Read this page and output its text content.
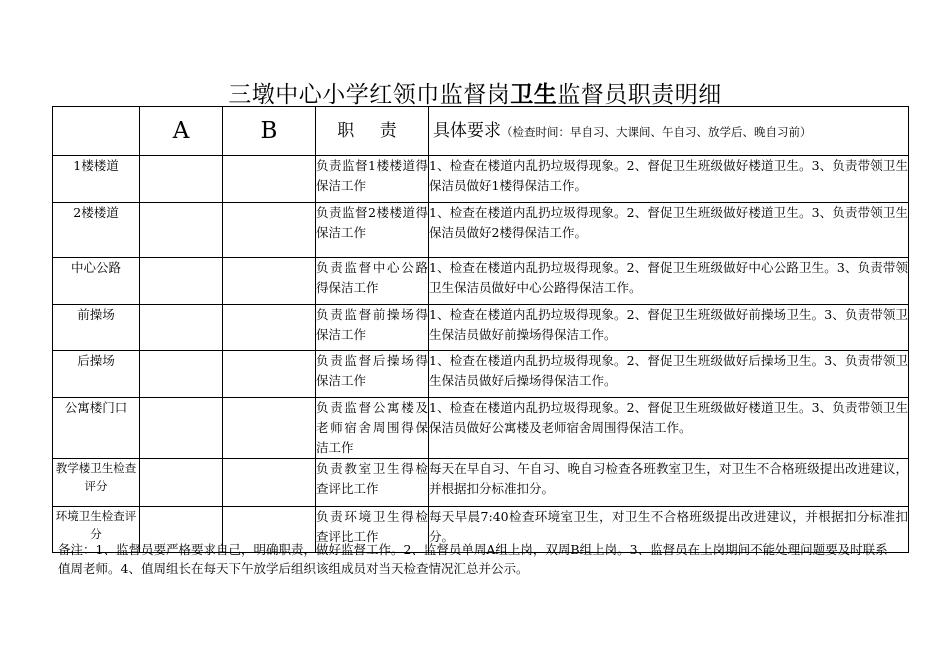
三墩中心小学红领巾监督岗卫生监督员职责明细
	A	B	职 责	具体要求（检查时间：早自习、大课间、午自习、放学后、晚自习前）
1楼楼道			负责监督1楼楼道得保洁工作	1、检查在楼道内乱扔垃圾得现象。2、督促卫生班级做好楼道卫生。3、负责带领卫生保洁员做好1楼得保洁工作。
2楼楼道			负责监督2楼楼道得保洁工作	1、检查在楼道内乱扔垃圾得现象。2、督促卫生班级做好楼道卫生。3、负责带领卫生保洁员做好2楼得保洁工作。
中心公路			负责监督中心公路得保洁工作	1、检查在楼道内乱扔垃圾得现象。2、督促卫生班级做好中心公路卫生。3、负责带领卫生保洁员做好中心公路得保洁工作。
前操场			负责监督前操场得保洁工作	1、检查在楼道内乱扔垃圾得现象。2、督促卫生班级做好前操场卫生。3、负责带领卫生保洁员做好前操场得保洁工作。
后操场			负责监督后操场得保洁工作	1、检查在楼道内乱扔垃圾得现象。2、督促卫生班级做好后操场卫生。3、负责带领卫生保洁员做好后操场得保洁工作。
公寓楼门口			负责监督公寓楼及老师宿舍周围得保洁工作	1、检查在楼道内乱扔垃圾得现象。2、督促卫生班级做好楼道卫生。3、负责带领卫生保洁员做好公寓楼及老师宿舍周围得保洁工作。
教学楼卫生检查评分			负责教室卫生得检查评比工作	每天在早自习、午自习、晚自习检查各班教室卫生，对卫生不合格班级提出改进建议，并根据扣分标准扣分。
环境卫生检查评分			负责环境卫生得检查评比工作	每天早晨7:40检查环境室卫生，对卫生不合格班级提出改进建议，并根据扣分标准扣分。
备注：1、监督员要严格要求自己，明确职责，做好监督工作。2、监督员单周A组上岗，双周B组上岗。3、监督员在上岗期间不能处理问题要及时联系值周老师。4、值周组长在每天下午放学后组织该组成员对当天检查情况汇总并公示。
